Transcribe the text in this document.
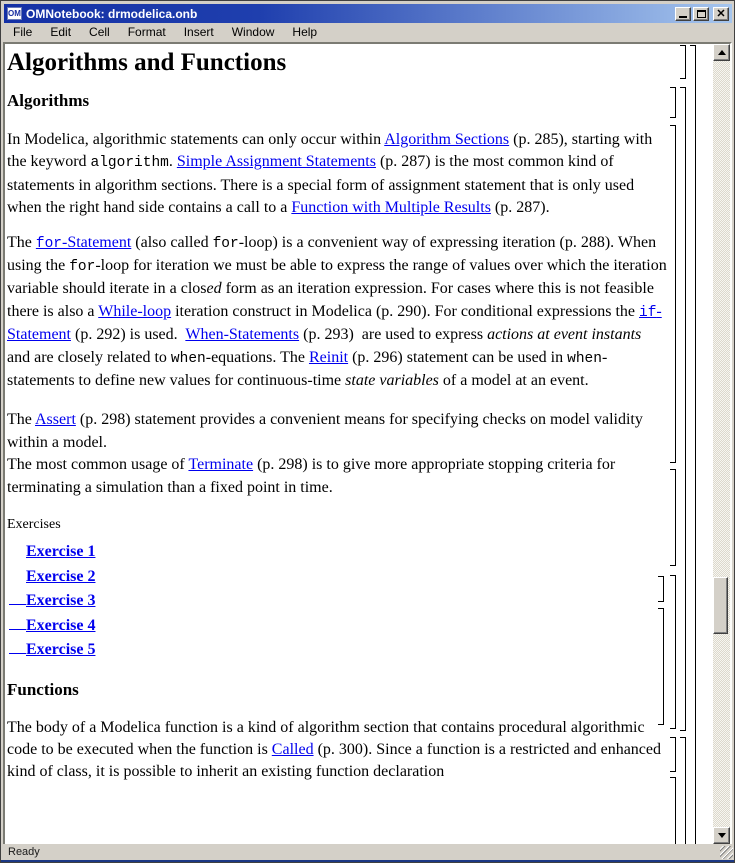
OM OMNotebook: drmodelica.onb	✕
File	Edit	Cell	Format	Insert	Window	Help
Algorithms and Functions
Algorithms

In Modelica, algorithmic statements can only occur within Algorithm Sections (p. 285), starting with the keyword algorithm. Simple Assignment Statements (p. 287) is the most common kind of statements in algorithm sections. There is a special form of assignment statement that is only used when the right hand side contains a call to a Function with Multiple Results (p. 287).

The for-Statement (also called for-loop) is a convenient way of expressing iteration (p. 288). When using the for-loop for iteration we must be able to express the range of values over which the iteration variable should iterate in a closed form as an iteration expression. For cases where this is not feasible there is also a While-loop iteration construct in Modelica (p. 290). For conditional expressions the if-Statement (p. 292) is used.  When-Statements (p. 293)  are used to express actions at event instants and are closely related to when-equations. The Reinit (p. 296) statement can be used in when-statements to define new values for continuous-time state variables of a model at an event.

The Assert (p. 298) statement provides a convenient means for specifying checks on model validity within a model.
The most common usage of Terminate (p. 298) is to give more appropriate stopping criteria for terminating a simulation than a fixed point in time.

Exercises
Exercise 1
Exercise 2
Exercise 3
Exercise 4
Exercise 5
Functions

The body of a Modelica function is a kind of algorithm section that contains procedural algorithmic code to be executed when the function is Called (p. 300). Since a function is a restricted and enhanced kind of class, it is possible to inherit an existing function declaration

Ready
